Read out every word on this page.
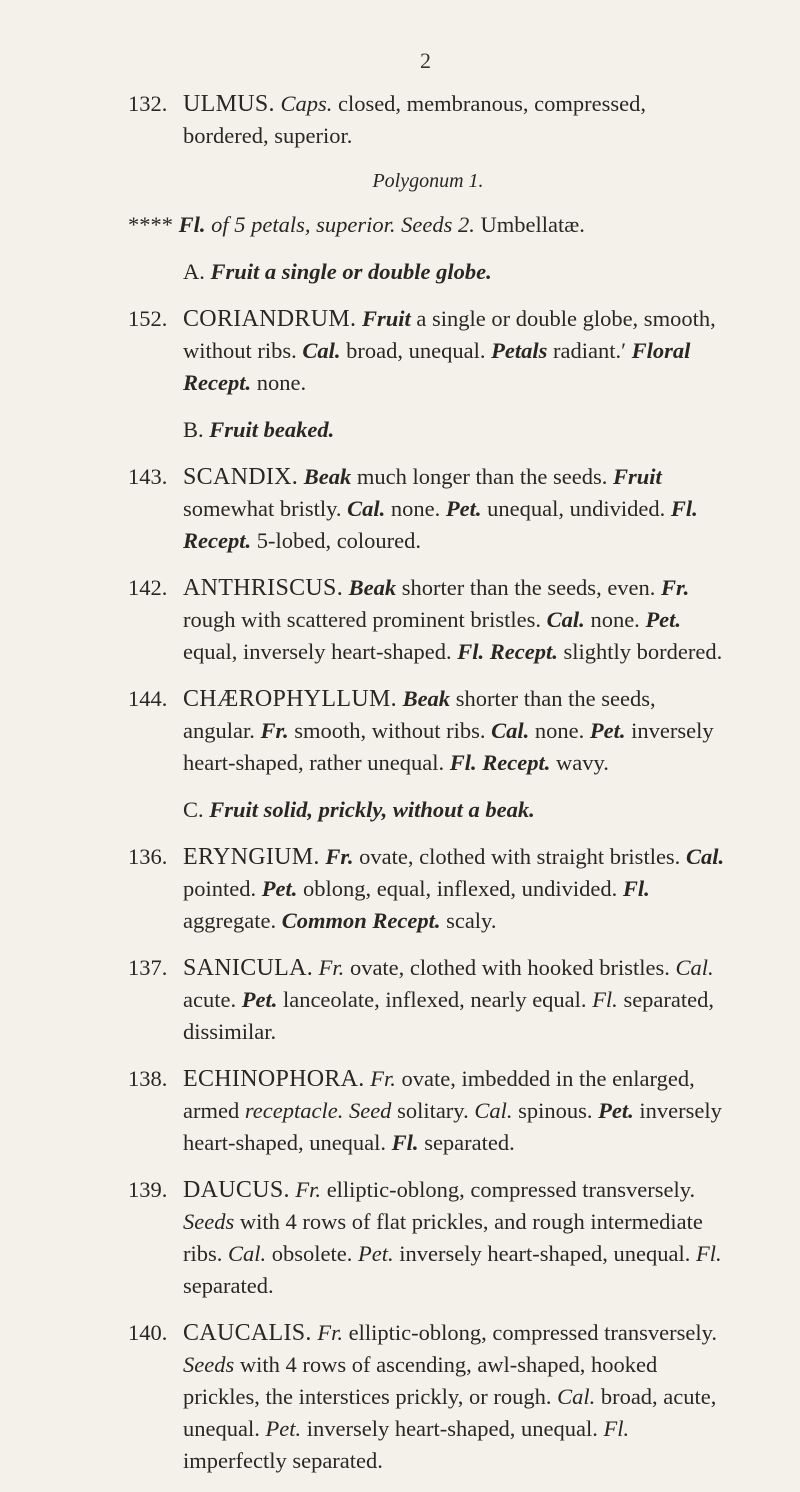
2
132. ULMUS. Caps. closed, membranous, compressed, bordered, superior.
Polygonum 1.
**** Fl. of 5 petals, superior. Seeds 2. Umbellatæ.
A. Fruit a single or double globe.
152. CORIANDRUM. Fruit a single or double globe, smooth, without ribs. Cal. broad, unequal. Petals radiant.′ Floral Recept. none.
B. Fruit beaked.
143. SCANDIX. Beak much longer than the seeds. Fruit somewhat bristly. Cal. none. Pet. unequal, undivided. Fl. Recept. 5-lobed, coloured.
142. ANTHRISCUS. Beak shorter than the seeds, even. Fr. rough with scattered prominent bristles. Cal. none. Pet. equal, inversely heart-shaped. Fl. Recept. slightly bordered.
144. CHÆROPHYLLUM. Beak shorter than the seeds, angular. Fr. smooth, without ribs. Cal. none. Pet. inversely heart-shaped, rather unequal. Fl. Recept. wavy.
C. Fruit solid, prickly, without a beak.
136. ERYNGIUM. Fr. ovate, clothed with straight bristles. Cal. pointed. Pet. oblong, equal, inflexed, undivided. Fl. aggregate. Common Recept. scaly.
137. SANICULA. Fr. ovate, clothed with hooked bristles. Cal. acute. Pet. lanceolate, inflexed, nearly equal. Fl. separated, dissimilar.
138. ECHINOPHORA. Fr. ovate, imbedded in the enlarged, armed receptacle. Seed solitary. Cal. spinous. Pet. inversely heart-shaped, unequal. Fl. separated.
139. DAUCUS. Fr. elliptic-oblong, compressed transversely. Seeds with 4 rows of flat prickles, and rough intermediate ribs. Cal. obsolete. Pet. inversely heart-shaped, unequal. Fl. separated.
140. CAUCALIS. Fr. elliptic-oblong, compressed transversely. Seeds with 4 rows of ascending, awl-shaped, hooked prickles, the interstices prickly, or rough. Cal. broad, acute, unequal. Pet. inversely heart-shaped, unequal. Fl. imperfectly separated.
